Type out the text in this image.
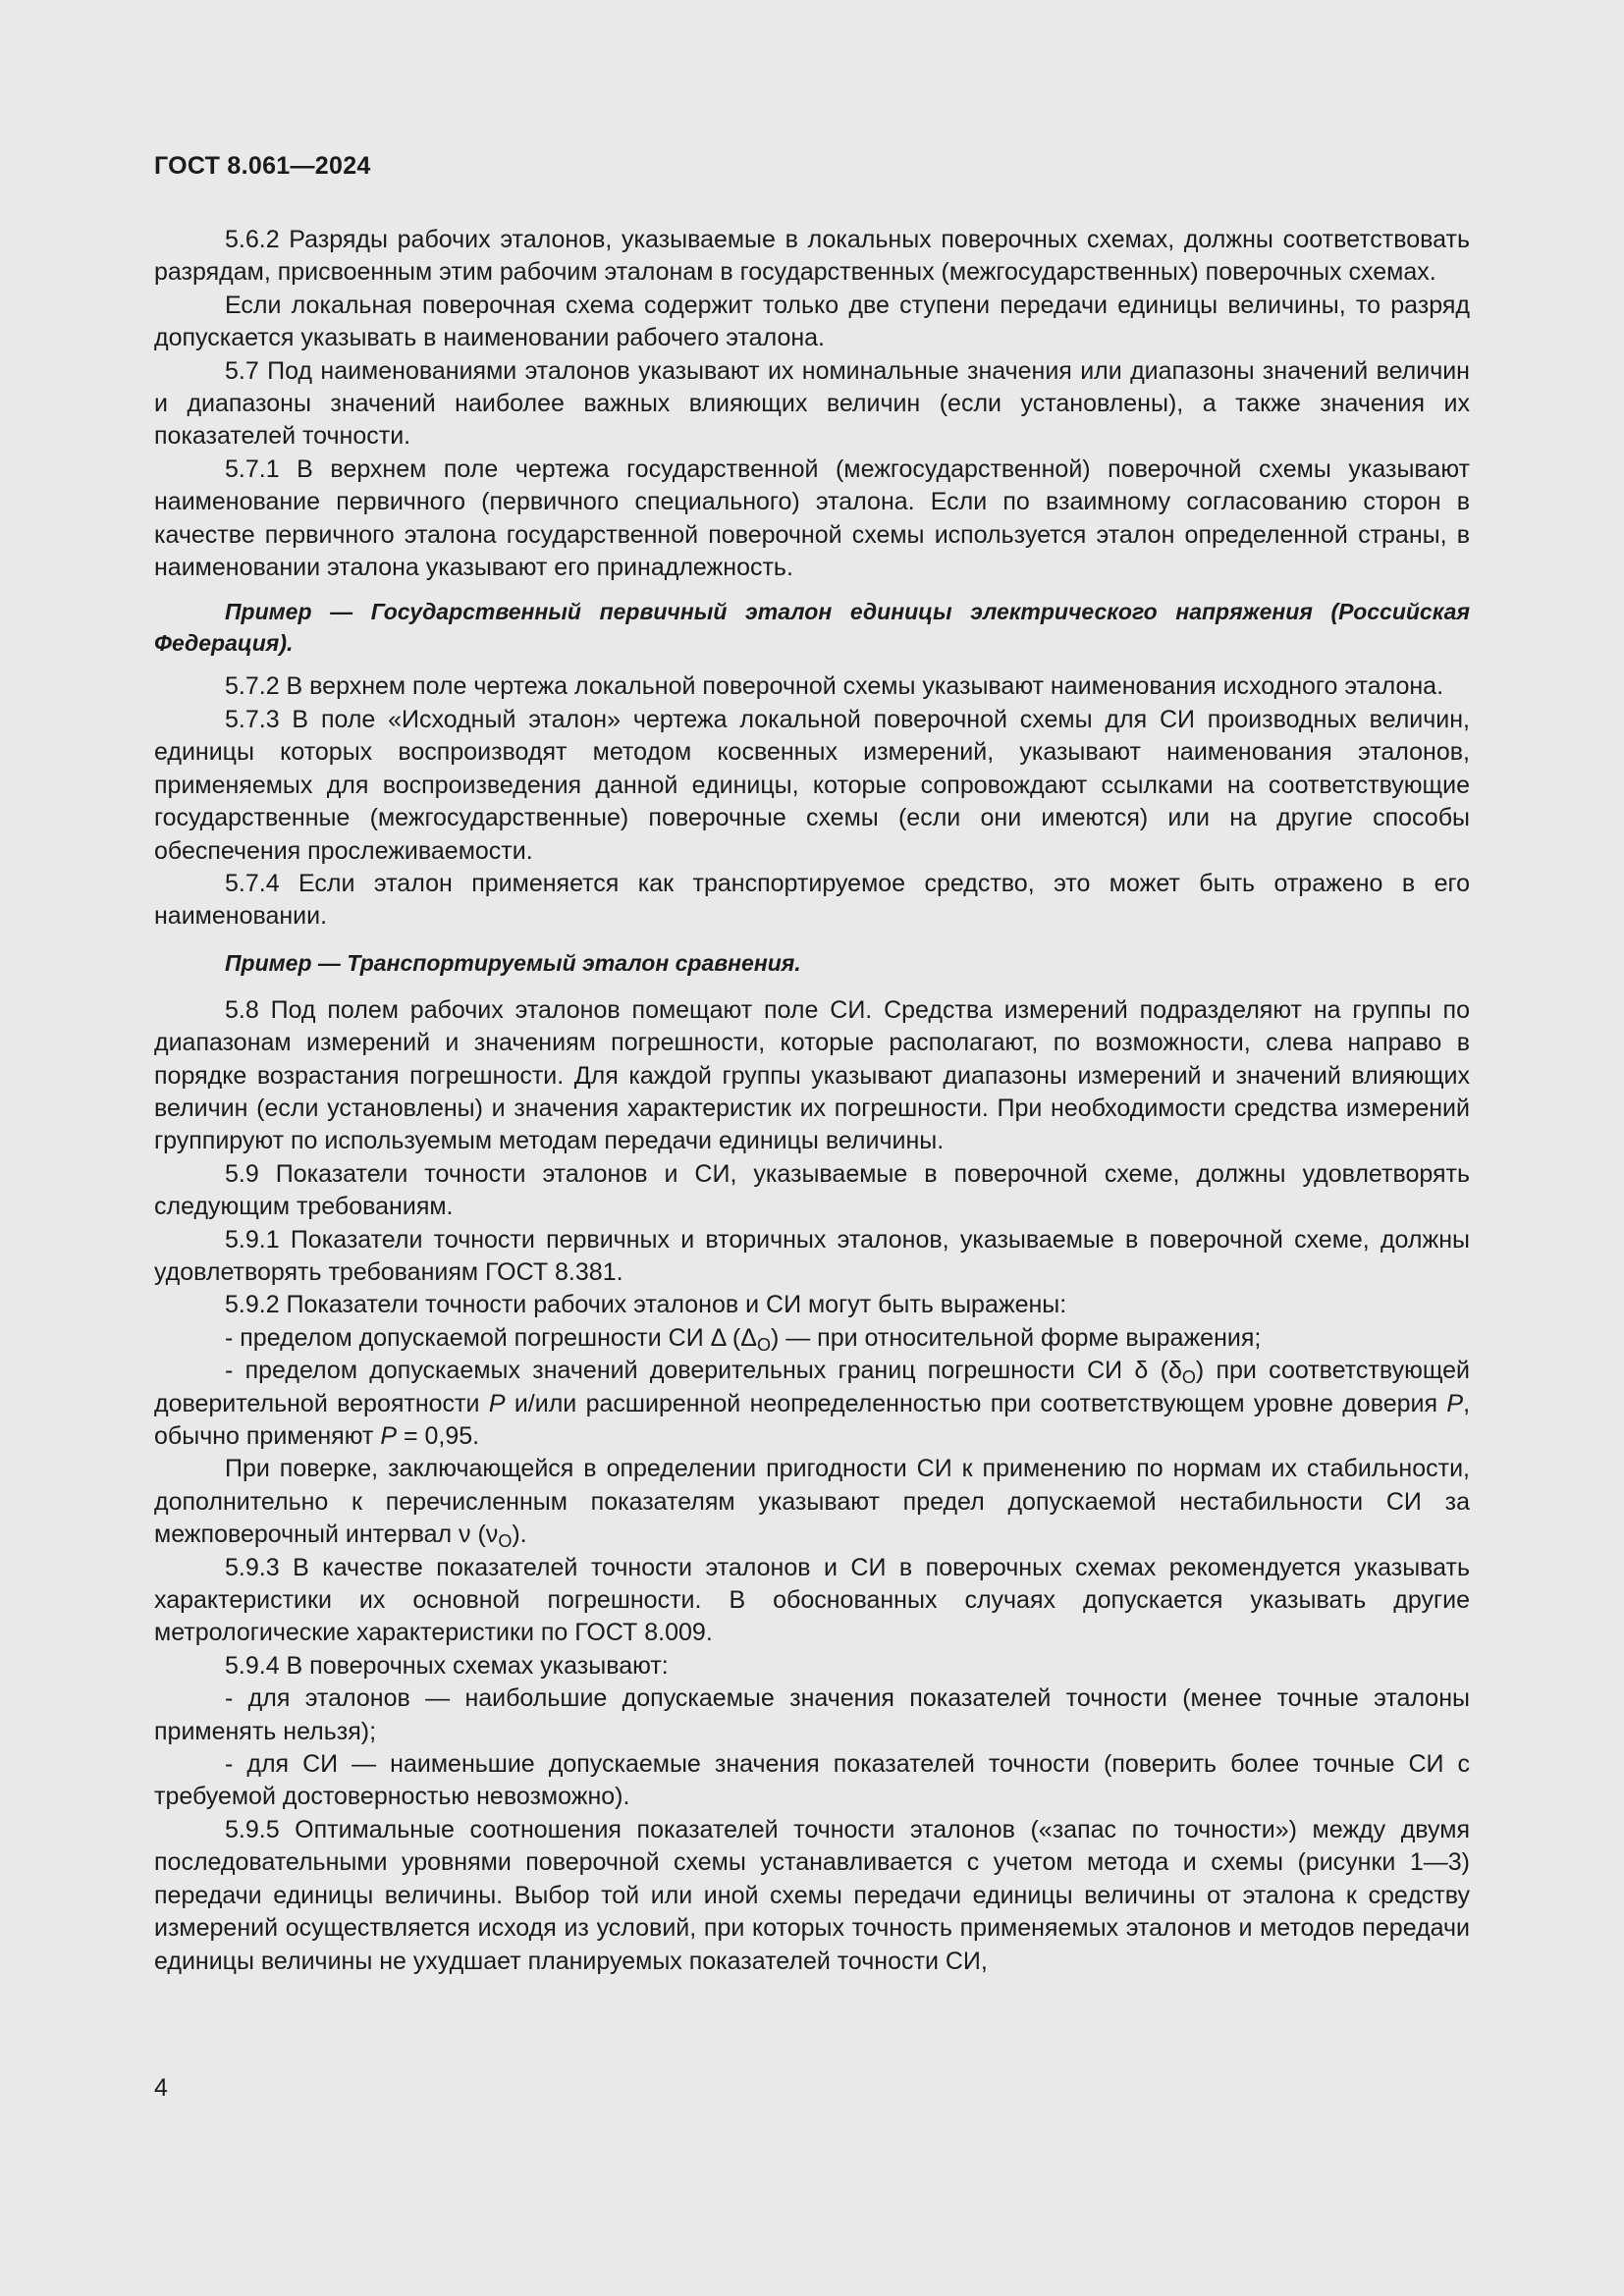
ГОСТ 8.061—2024

5.6.2 Разряды рабочих эталонов, указываемые в локальных поверочных схемах, должны соответствовать разрядам, присвоенным этим рабочим эталонам в государственных (межгосударственных) поверочных схемах.

Если локальная поверочная схема содержит только две ступени передачи единицы величины, то разряд допускается указывать в наименовании рабочего эталона.

5.7 Под наименованиями эталонов указывают их номинальные значения или диапазоны значений величин и диапазоны значений наиболее важных влияющих величин (если установлены), а также значения их показателей точности.

5.7.1 В верхнем поле чертежа государственной (межгосударственной) поверочной схемы указывают наименование первичного (первичного специального) эталона. Если по взаимному согласованию сторон в качестве первичного эталона государственной поверочной схемы используется эталон определенной страны, в наименовании эталона указывают его принадлежность.

Пример — Государственный первичный эталон единицы электрического напряжения (Российская Федерация).

5.7.2 В верхнем поле чертежа локальной поверочной схемы указывают наименования исходного эталона.

5.7.3 В поле «Исходный эталон» чертежа локальной поверочной схемы для СИ производных величин, единицы которых воспроизводят методом косвенных измерений, указывают наименования эталонов, применяемых для воспроизведения данной единицы, которые сопровождают ссылками на соответствующие государственные (межгосударственные) поверочные схемы (если они имеются) или на другие способы обеспечения прослеживаемости.

5.7.4 Если эталон применяется как транспортируемое средство, это может быть отражено в его наименовании.

Пример — Транспортируемый эталон сравнения.

5.8 Под полем рабочих эталонов помещают поле СИ. Средства измерений подразделяют на группы по диапазонам измерений и значениям погрешности, которые располагают, по возможности, слева направо в порядке возрастания погрешности. Для каждой группы указывают диапазоны измерений и значений влияющих величин (если установлены) и значения характеристик их погрешности. При необходимости средства измерений группируют по используемым методам передачи единицы величины.

5.9 Показатели точности эталонов и СИ, указываемые в поверочной схеме, должны удовлетворять следующим требованиям.

5.9.1 Показатели точности первичных и вторичных эталонов, указываемые в поверочной схеме, должны удовлетворять требованиям ГОСТ 8.381.

5.9.2 Показатели точности рабочих эталонов и СИ могут быть выражены:

- пределом допускаемой погрешности СИ Δ $(\Delta_О)$ — при относительной форме выражения;

- пределом допускаемых значений доверительных границ погрешности СИ δ $(\delta_О)$ при соответствующей доверительной вероятности P и/или расширенной неопределенностью при соответствующем уровне доверия P, обычно применяют P = 0,95.

При поверке, заключающейся в определении пригодности СИ к применению по нормам их стабильности, дополнительно к перечисленным показателям указывают предел допускаемой нестабильности СИ за межповерочный интервал ν $(\nu_О)$.

5.9.3 В качестве показателей точности эталонов и СИ в поверочных схемах рекомендуется указывать характеристики их основной погрешности. В обоснованных случаях допускается указывать другие метрологические характеристики по ГОСТ 8.009.

5.9.4 В поверочных схемах указывают:

- для эталонов — наибольшие допускаемые значения показателей точности (менее точные эталоны применять нельзя);

- для СИ — наименьшие допускаемые значения показателей точности (поверить более точные СИ с требуемой достоверностью невозможно).

5.9.5 Оптимальные соотношения показателей точности эталонов («запас по точности») между двумя последовательными уровнями поверочной схемы устанавливается с учетом метода и схемы (рисунки 1—3) передачи единицы величины. Выбор той или иной схемы передачи единицы величины от эталона к средству измерений осуществляется исходя из условий, при которых точность применяемых эталонов и методов передачи единицы величины не ухудшает планируемых показателей точности СИ,

4
